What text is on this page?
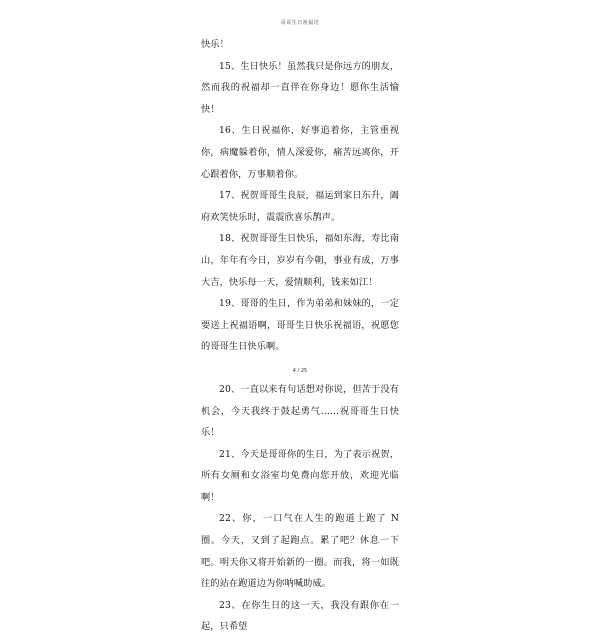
哥哥生日祝福语

快乐！

15、生日快乐！虽然我只是你远方的朋友，然而我的祝福却一直伴在你身边！愿你生活愉快！

16、生日祝福你，好事追着你，主管重视你，病魔躲着你，情人深爱你，痛苦远离你，开心跟着你，万事顺着你。

17、祝贺哥哥生良辰，福运到家日东升，阖府欢笑快乐时，震震欣喜乐鹊声。

18、祝贺哥哥生日快乐，福如东海，寿比南山，年年有今日，岁岁有今朝，事业有成，万事大吉，快乐每一天，爱情顺利，钱来如江！

19、哥哥的生日，作为弟弟和妹妹的，一定要送上祝福语啊，哥哥生日快乐祝福语，祝愿您的哥哥生日快乐啊。

20、一直以来有句话想对你说，但苦于没有机会，今天我终于鼓起勇气……祝哥哥生日快乐！

21、今天是哥哥你的生日，为了表示祝贺，所有女厕和女浴室均免费向您开放，欢迎光临啊！

22、你，一口气在人生的跑道上跑了 N 圈。今天，又到了起跑点。累了吧？休息一下吧。明天你又将开始新的一圈。而我，将一如既往的站在跑道边为你呐喊助威。

23、在你生日的这一天，我没有跟你在一起，只希望

4 / 25
